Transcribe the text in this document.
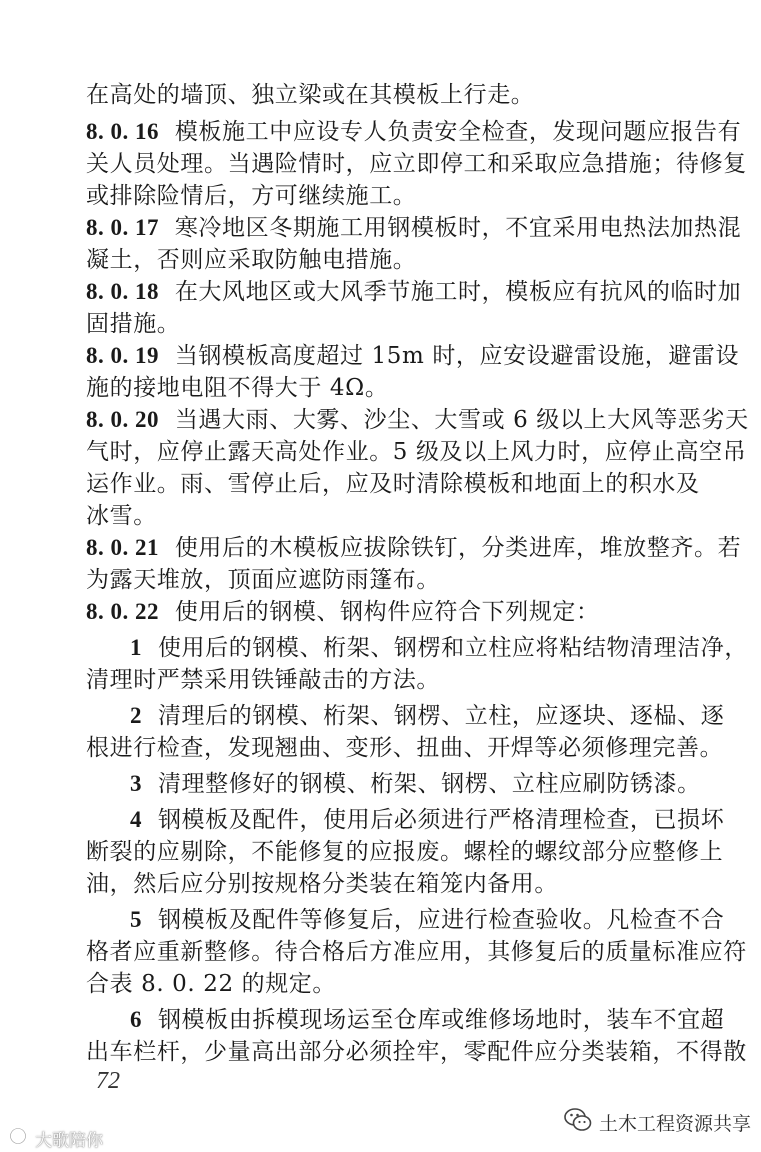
在高处的墙顶、独立梁或在其模板上行走。
8. 0. 16 模板施工中应设专人负责安全检查，发现问题应报告有
关人员处理。当遇险情时，应立即停工和采取应急措施；待修复
或排除险情后，方可继续施工。
8. 0. 17 寒冷地区冬期施工用钢模板时，不宜采用电热法加热混
凝土，否则应采取防触电措施。
8. 0. 18 在大风地区或大风季节施工时，模板应有抗风的临时加
固措施。
8. 0. 19 当钢模板高度超过 15m 时，应安设避雷设施，避雷设
施的接地电阻不得大于 4Ω。
8. 0. 20 当遇大雨、大雾、沙尘、大雪或 6 级以上大风等恶劣天
气时，应停止露天高处作业。5 级及以上风力时，应停止高空吊
运作业。雨、雪停止后，应及时清除模板和地面上的积水及
冰雪。
8. 0. 21 使用后的木模板应拔除铁钉，分类进库，堆放整齐。若
为露天堆放，顶面应遮防雨篷布。
8. 0. 22 使用后的钢模、钢构件应符合下列规定：
1 使用后的钢模、桁架、钢楞和立柱应将粘结物清理洁净，
清理时严禁采用铁锤敲击的方法。
2 清理后的钢模、桁架、钢楞、立柱，应逐块、逐榀、逐
根进行检查，发现翘曲、变形、扭曲、开焊等必须修理完善。
3 清理整修好的钢模、桁架、钢楞、立柱应刷防锈漆。
4 钢模板及配件，使用后必须进行严格清理检查，已损坏
断裂的应剔除，不能修复的应报废。螺栓的螺纹部分应整修上
油，然后应分别按规格分类装在箱笼内备用。
5 钢模板及配件等修复后，应进行检查验收。凡检查不合
格者应重新整修。待合格后方准应用，其修复后的质量标准应符
合表 8. 0. 22 的规定。
6 钢模板由拆模现场运至仓库或维修场地时，装车不宜超
出车栏杆，少量高出部分必须拴牢，零配件应分类装箱，不得散
72
土木工程资源共享
大歌陪你
